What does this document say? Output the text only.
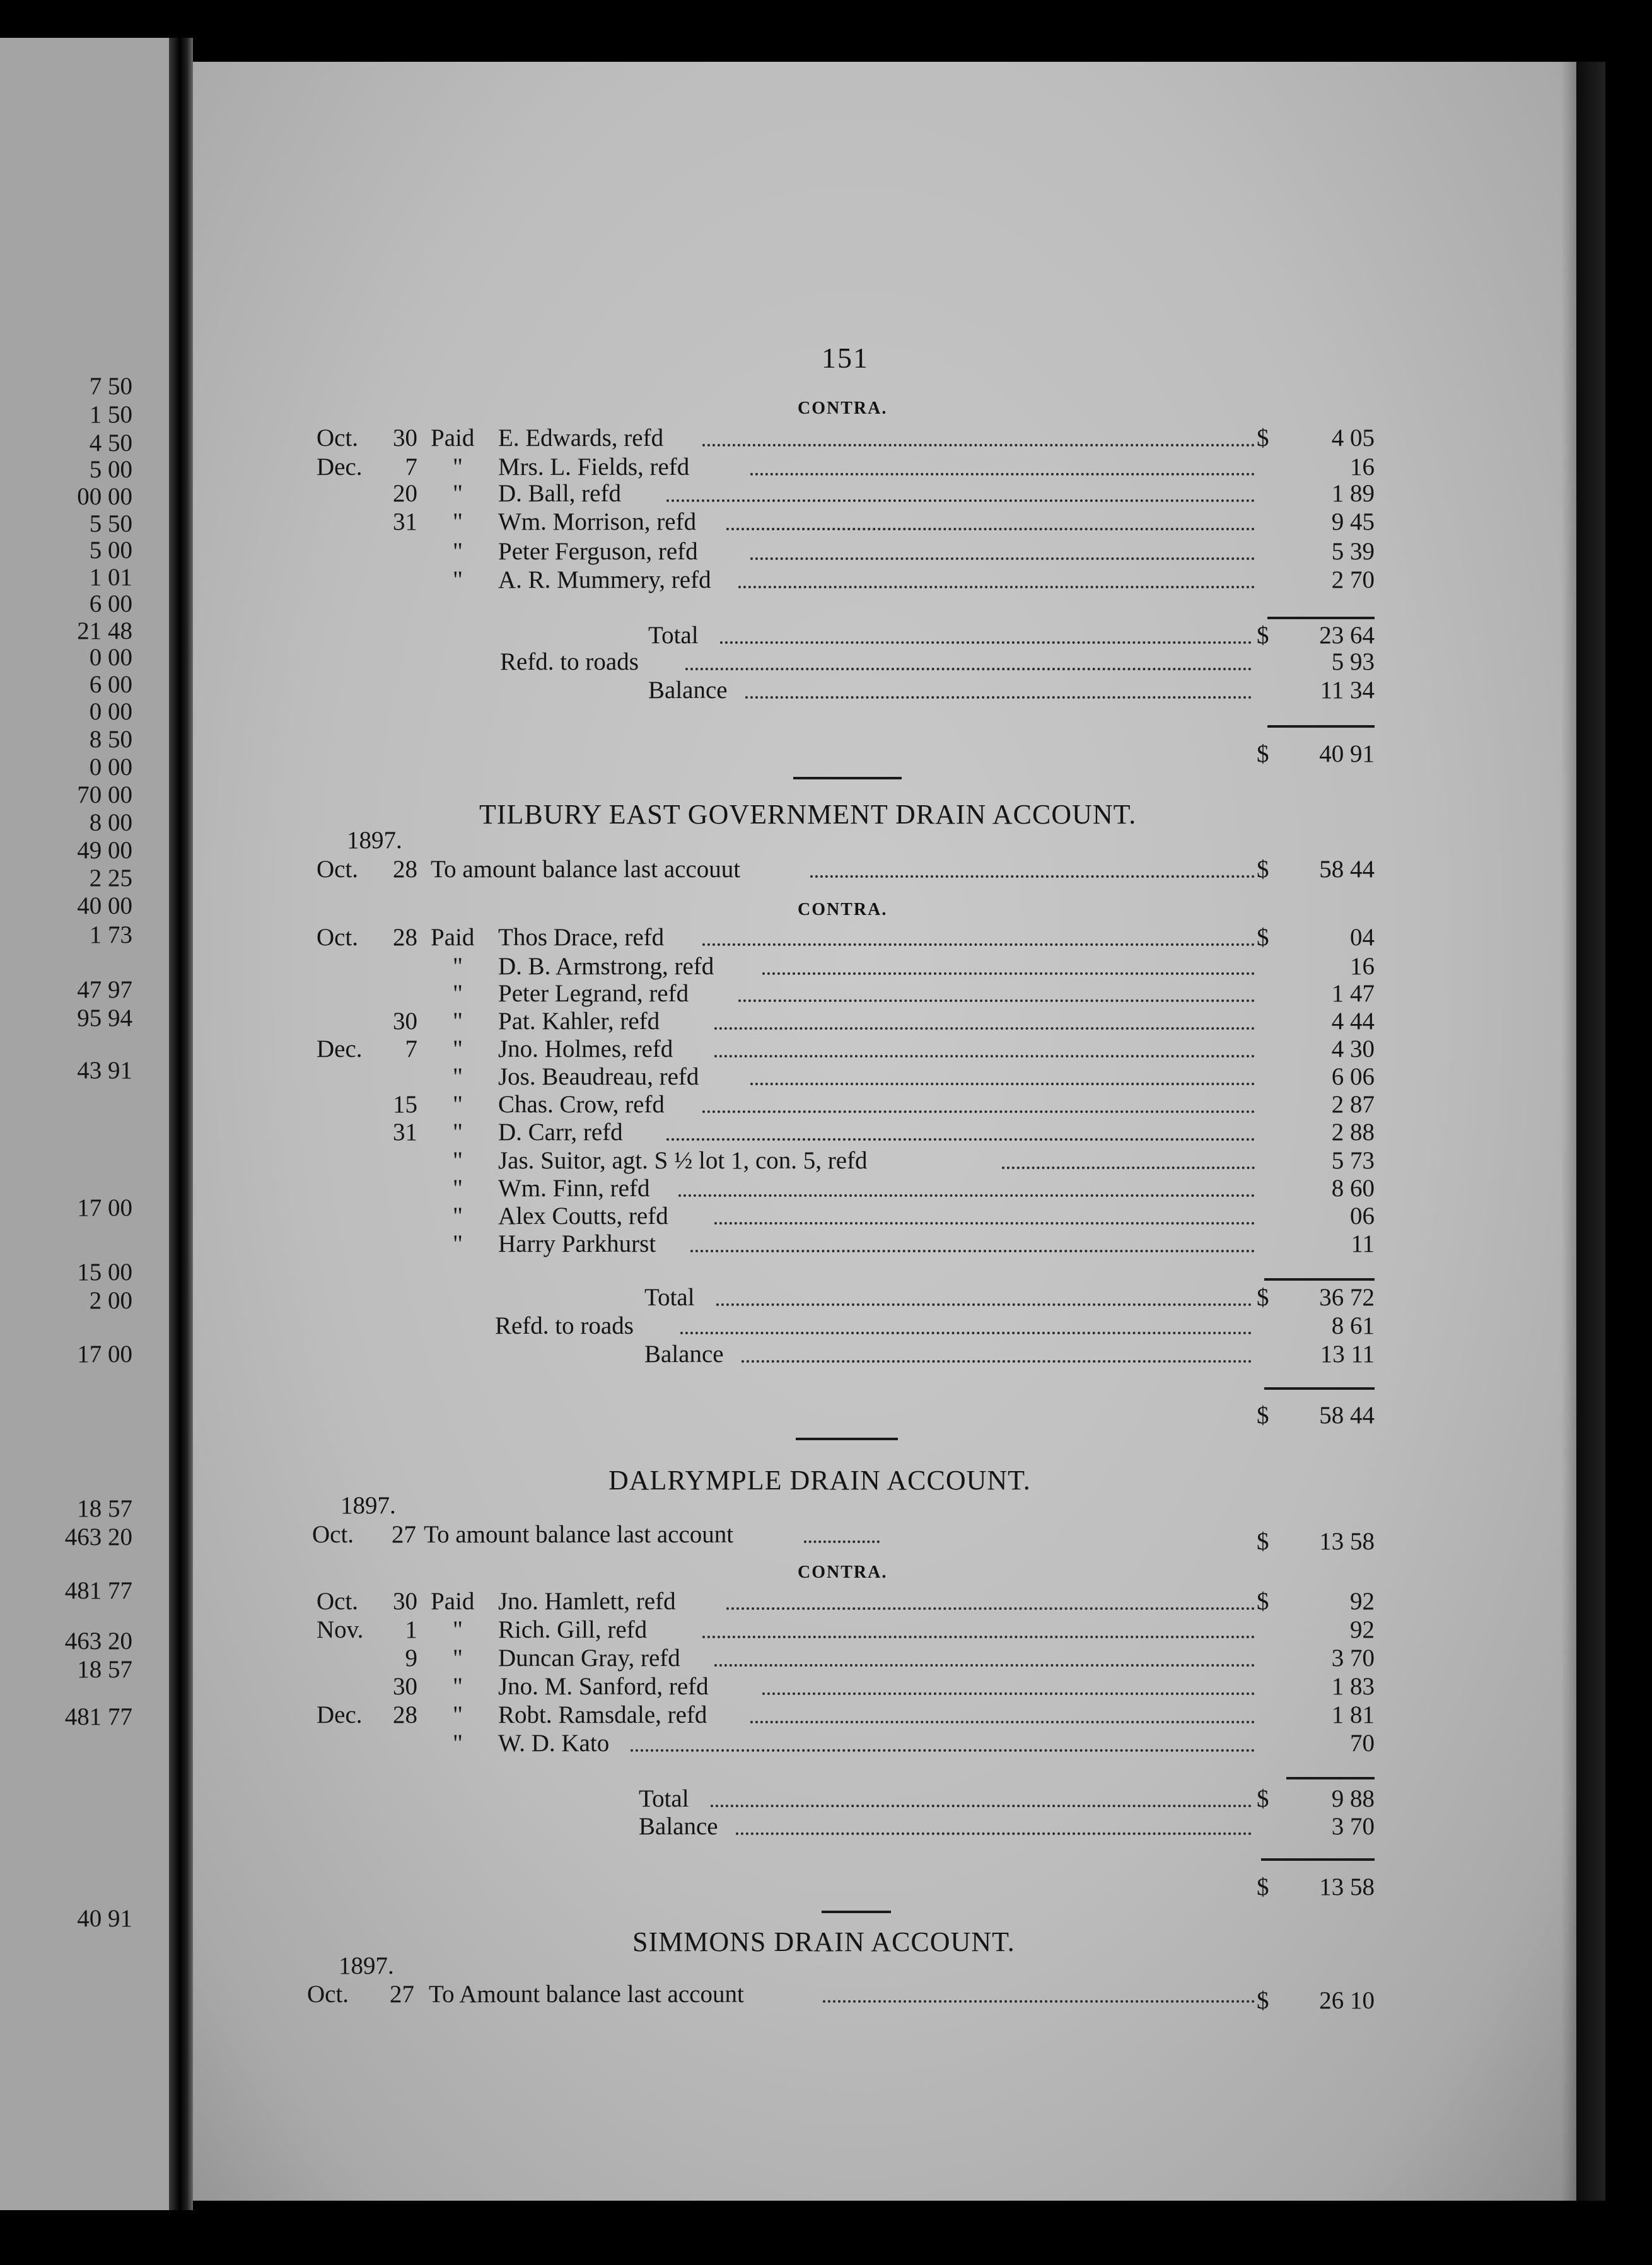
7 50
1 50
4 50
5 00
00 00
5 50
5 00
1 01
6 00
21 48
0 00
6 00
0 00
8 50
0 00
70 00
8 00
49 00
2 25
40 00
1 73
47 97
95 94
43 91
17 00
15 00
2 00
17 00
18 57
463 20
481 77
463 20
18 57
481 77
40 91
151
CONTRA.
Oct.	30 Paid E. Edwards, refd	$	4 05
Dec.	7 " Mrs. L. Fields, refd	16
20 " D. Ball, refd	1 89
31 " Wm. Morrison, refd	9 45
" Peter Ferguson, refd	5 39
" A. R. Mummery, refd	2 70
Total	$	23 64
Refd. to roads	5 93
Balance	11 34
$	40 91
TILBURY EAST GOVERNMENT DRAIN ACCOUNT.
1897.
Oct.	28 To amount balance last accouut	$	58 44
CONTRA.
Oct.	28 Paid Thos Drace, refd	$	04
" D. B. Armstrong, refd	16
" Peter Legrand, refd	1 47
30 " Pat. Kahler, refd	4 44
Dec.	7 " Jno. Holmes, refd	4 30
" Jos. Beaudreau, refd	6 06
15 " Chas. Crow, refd	2 87
31 " D. Carr, refd	2 88
" Jas. Suitor, agt. S ½ lot 1, con. 5, refd	5 73
" Wm. Finn, refd	8 60
" Alex Coutts, refd	06
" Harry Parkhurst	11
Total	$	36 72
Refd. to roads	8 61
Balance	13 11
$	58 44
DALRYMPLE DRAIN ACCOUNT.
1897.
Oct.	27 To amount balance last account	$	13 58
CONTRA.
Oct.	30 Paid Jno. Hamlett, refd	$	92
Nov.	1 " Rich. Gill, refd	92
9 " Duncan Gray, refd	3 70
30 " Jno. M. Sanford, refd	1 83
Dec.	28 " Robt. Ramsdale, refd	1 81
" W. D. Kato	70
Total	$	9 88
Balance	3 70
$	13 58
SIMMONS DRAIN ACCOUNT.
1897.
Oct.	27 To Amount balance last account	$	26 10
